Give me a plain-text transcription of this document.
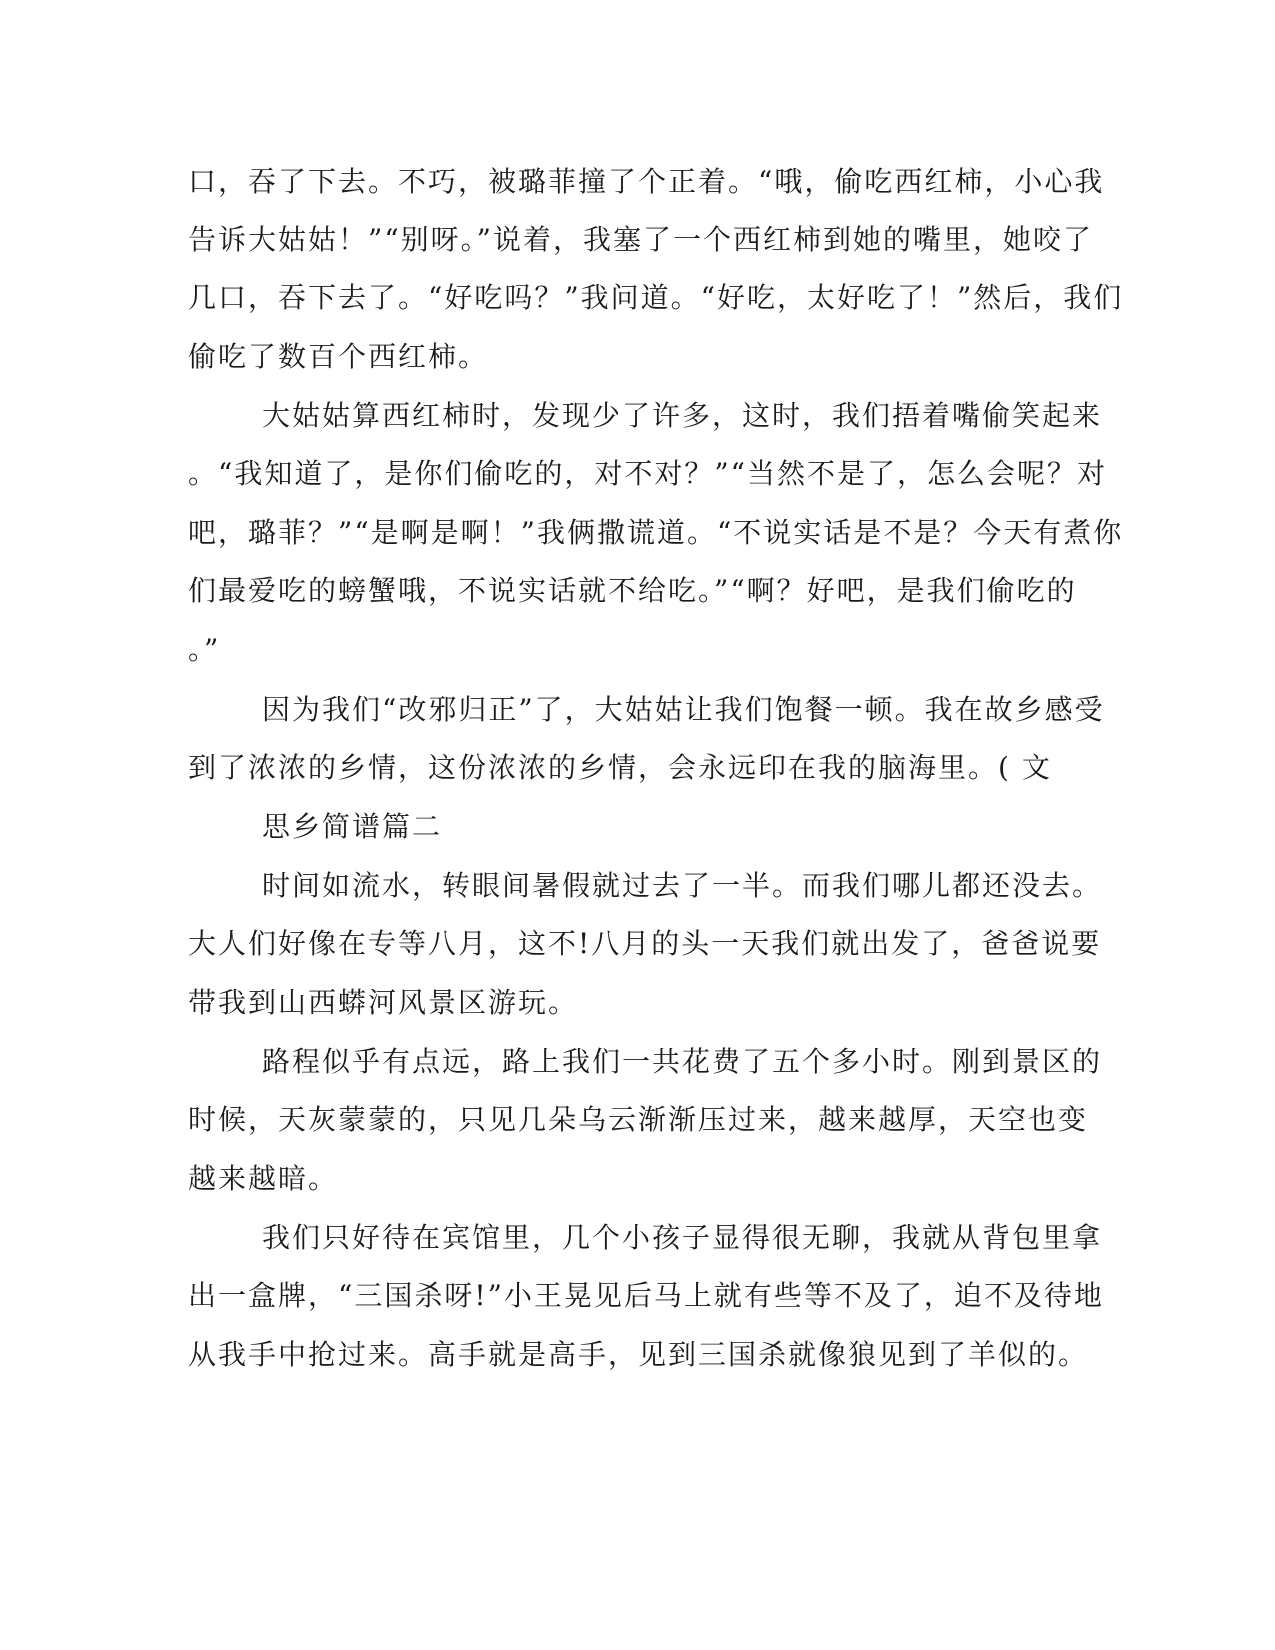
口，吞了下去。不巧，被璐菲撞了个正着。“哦，偷吃西红柿，小心我
告诉大姑姑！”“别呀。”说着，我塞了一个西红柿到她的嘴里，她咬了
几口，吞下去了。“好吃吗？”我问道。“好吃，太好吃了！”然后，我们
偷吃了数百个西红柿。
大姑姑算西红柿时，发现少了许多，这时，我们捂着嘴偷笑起来
。“我知道了，是你们偷吃的，对不对？”“当然不是了，怎么会呢？对
吧，璐菲？”“是啊是啊！”我俩撒谎道。“不说实话是不是？今天有煮你
们最爱吃的螃蟹哦，不说实话就不给吃。”“啊？好吧，是我们偷吃的
。”
因为我们“改邪归正”了，大姑姑让我们饱餐一顿。我在故乡感受
到了浓浓的乡情，这份浓浓的乡情，会永远印在我的脑海里。( 文
思乡简谱篇二
时间如流水，转眼间暑假就过去了一半。而我们哪儿都还没去。
大人们好像在专等八月，这不!八月的头一天我们就出发了，爸爸说要
带我到山西蟒河风景区游玩。
路程似乎有点远，路上我们一共花费了五个多小时。刚到景区的
时候，天灰蒙蒙的，只见几朵乌云渐渐压过来，越来越厚，天空也变
越来越暗。
我们只好待在宾馆里，几个小孩子显得很无聊，我就从背包里拿
出一盒牌，“三国杀呀!”小王晃见后马上就有些等不及了，迫不及待地
从我手中抢过来。高手就是高手，见到三国杀就像狼见到了羊似的。
